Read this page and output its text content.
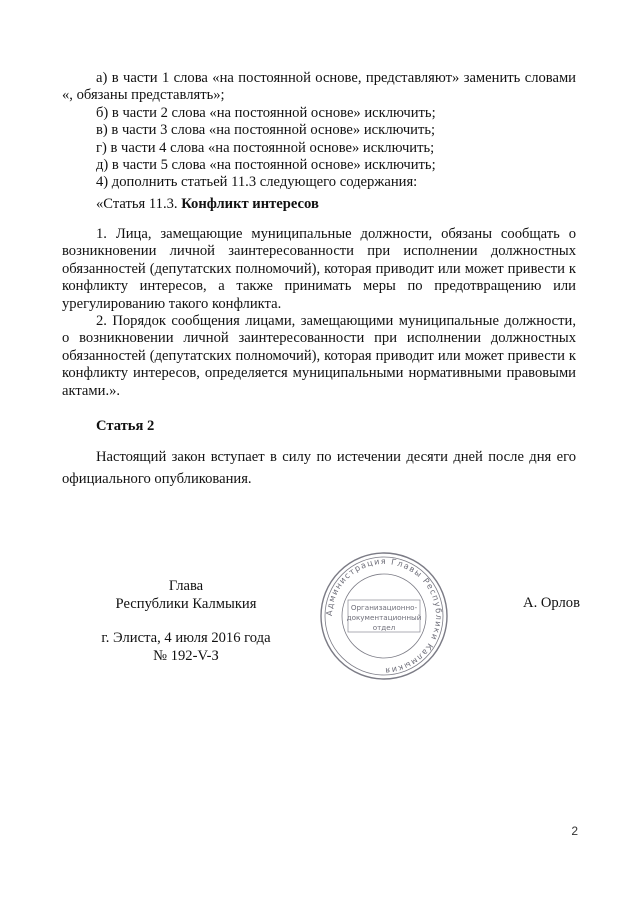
а) в части 1 слова «на постоянной основе, представляют» заменить словами «, обязаны представлять»;

б) в части 2 слова «на постоянной основе» исключить;

в) в части 3 слова «на постоянной основе» исключить;

г) в части 4 слова «на постоянной основе» исключить;

д) в части 5 слова «на постоянной основе» исключить;

4) дополнить статьей 11.3 следующего содержания:

«Статья 11.3. Конфликт интересов

1. Лица, замещающие муниципальные должности, обязаны сообщать о возникновении личной заинтересованности при исполнении должностных обязанностей (депутатских полномочий), которая приводит или может привести к конфликту интересов, а также принимать меры по предотвращению или урегулированию такого конфликта.

2. Порядок сообщения лицами, замещающими муниципальные должности, о возникновении личной заинтересованности при исполнении должностных обязанностей (депутатских полномочий), которая приводит или может привести к конфликту интересов, определяется муниципальными нормативными правовыми актами.».

Статья 2

Настоящий закон вступает в силу по истечении десяти дней после дня его официального опубликования.

Глава
Республики Калмыкия
г. Элиста, 4 июля 2016 года
№ 192-V-З
А. Орлов
Администрация Главы Республики Калмыкия
Организационно-
документационный
отдел
2
